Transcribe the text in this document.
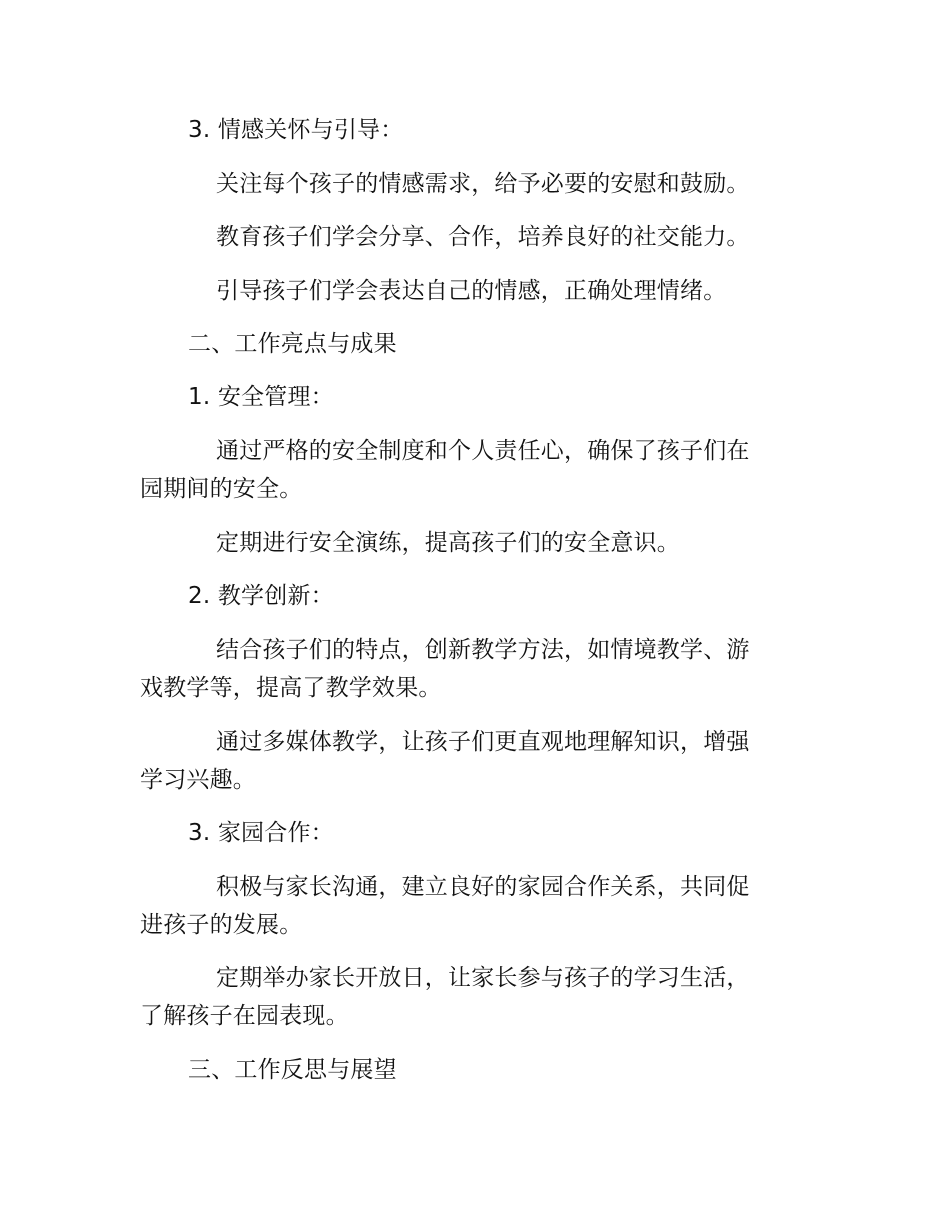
3. 情感关怀与引导：
关注每个孩子的情感需求，给予必要的安慰和鼓励。
教育孩子们学会分享、合作，培养良好的社交能力。
引导孩子们学会表达自己的情感，正确处理情绪。
二、工作亮点与成果
1. 安全管理：
通过严格的安全制度和个人责任心，确保了孩子们在
园期间的安全。
定期进行安全演练，提高孩子们的安全意识。
2. 教学创新：
结合孩子们的特点，创新教学方法，如情境教学、游
戏教学等，提高了教学效果。
通过多媒体教学，让孩子们更直观地理解知识，增强
学习兴趣。
3. 家园合作：
积极与家长沟通，建立良好的家园合作关系，共同促
进孩子的发展。
定期举办家长开放日，让家长参与孩子的学习生活，
了解孩子在园表现。
三、工作反思与展望
